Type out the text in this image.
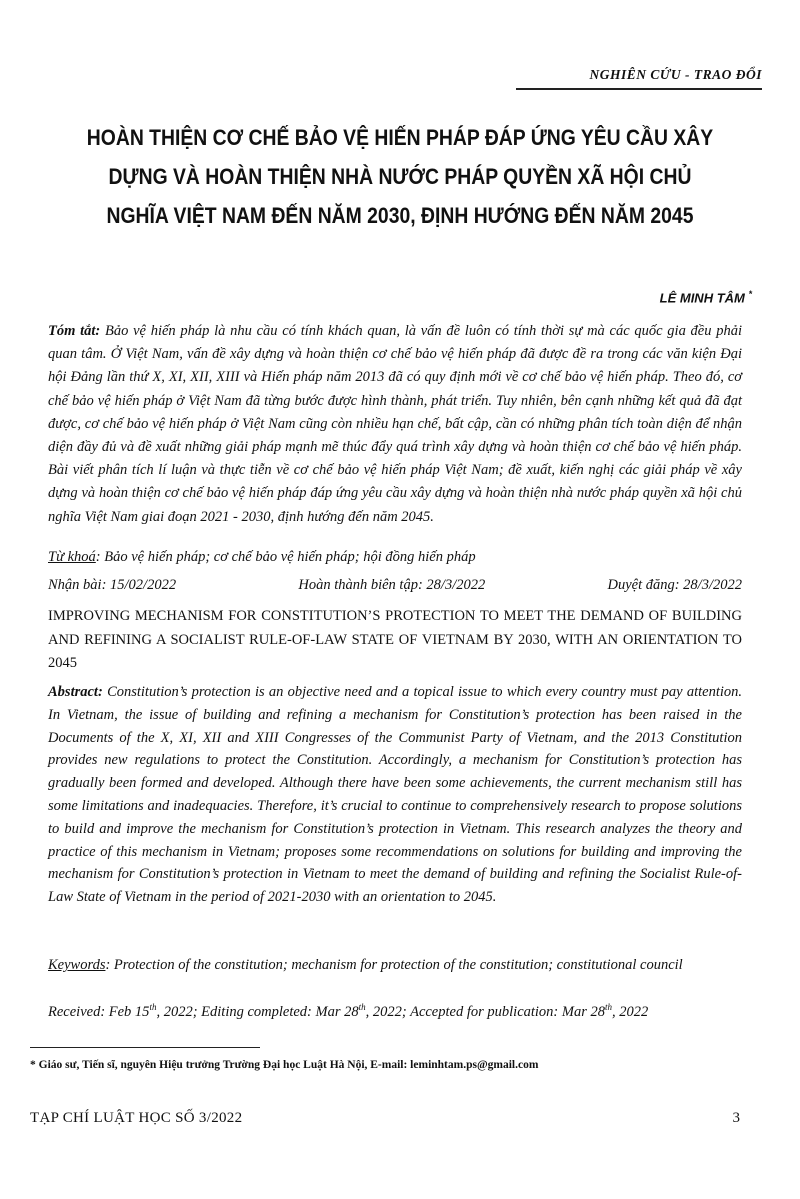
NGHIÊN CỨU - TRAO ĐỔI
HOÀN THIỆN CƠ CHẾ BẢO VỆ HIẾN PHÁP ĐÁP ỨNG YÊU CẦU XÂY DỰNG VÀ HOÀN THIỆN NHÀ NƯỚC PHÁP QUYỀN XÃ HỘI CHỦ NGHĨA VIỆT NAM ĐẾN NĂM 2030, ĐỊNH HƯỚNG ĐẾN NĂM 2045
LÊ MINH TÂM *
Tóm tắt: Bảo vệ hiến pháp là nhu cầu có tính khách quan, là vấn đề luôn có tính thời sự mà các quốc gia đều phải quan tâm. Ở Việt Nam, vấn đề xây dựng và hoàn thiện cơ chế bảo vệ hiến pháp đã được đề ra trong các văn kiện Đại hội Đảng lần thứ X, XI, XII, XIII và Hiến pháp năm 2013 đã có quy định mới về cơ chế bảo vệ hiến pháp. Theo đó, cơ chế bảo vệ hiến pháp ở Việt Nam đã từng bước được hình thành, phát triển. Tuy nhiên, bên cạnh những kết quả đã đạt được, cơ chế bảo vệ hiến pháp ở Việt Nam cũng còn nhiều hạn chế, bất cập, cần có những phân tích toàn diện để nhận diện đầy đủ và đề xuất những giải pháp mạnh mẽ thúc đẩy quá trình xây dựng và hoàn thiện cơ chế bảo vệ hiến pháp. Bài viết phân tích lí luận và thực tiễn về cơ chế bảo vệ hiến pháp Việt Nam; đề xuất, kiến nghị các giải pháp về xây dựng và hoàn thiện cơ chế bảo vệ hiến pháp đáp ứng yêu cầu xây dựng và hoàn thiện nhà nước pháp quyền xã hội chủ nghĩa Việt Nam giai đoạn 2021 - 2030, định hướng đến năm 2045.
Từ khoá: Bảo vệ hiến pháp; cơ chế bảo vệ hiến pháp; hội đồng hiến pháp
Nhận bài: 15/02/2022	Hoàn thành biên tập: 28/3/2022	Duyệt đăng: 28/3/2022
IMPROVING MECHANISM FOR CONSTITUTION’S PROTECTION TO MEET THE DEMAND OF BUILDING AND REFINING A SOCIALIST RULE-OF-LAW STATE OF VIETNAM BY 2030, WITH AN ORIENTATION TO 2045
Abstract: Constitution’s protection is an objective need and a topical issue to which every country must pay attention. In Vietnam, the issue of building and refining a mechanism for Constitution’s protection has been raised in the Documents of the X, XI, XII and XIII Congresses of the Communist Party of Vietnam, and the 2013 Constitution provides new regulations to protect the Constitution. Accordingly, a mechanism for Constitution’s protection has gradually been formed and developed. Although there have been some achievements, the current mechanism still has some limitations and inadequacies. Therefore, it’s crucial to continue to comprehensively research to propose solutions to build and improve the mechanism for Constitution’s protection in Vietnam. This research analyzes the theory and practice of this mechanism in Vietnam; proposes some recommendations on solutions for building and improving the mechanism for Constitution’s protection in Vietnam to meet the demand of building and refining the Socialist Rule-of-Law State of Vietnam in the period of 2021-2030 with an orientation to 2045.
Keywords: Protection of the constitution; mechanism for protection of the constitution; constitutional council
Received: Feb 15th, 2022; Editing completed: Mar 28th, 2022; Accepted for publication: Mar 28th, 2022
* Giáo sư, Tiến sĩ, nguyên Hiệu trưởng Trường Đại học Luật Hà Nội, E-mail: leminhtam.ps@gmail.com
TẠP CHÍ LUẬT HỌC SỐ 3/2022	3
